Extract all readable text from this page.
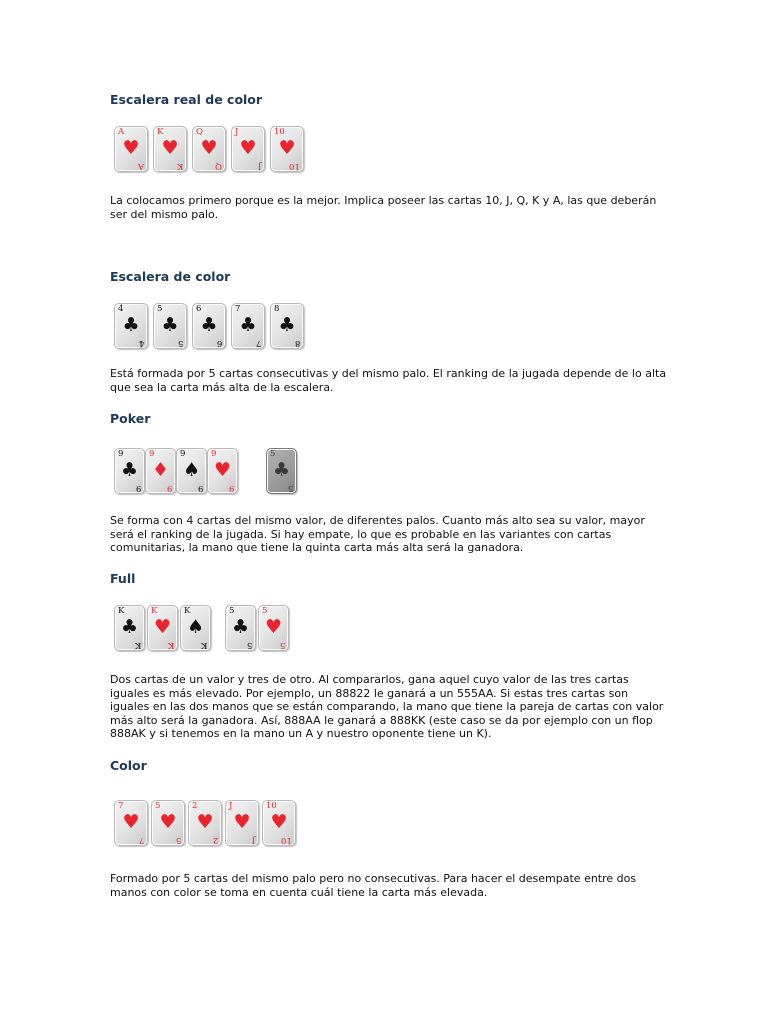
Escalera real de color
A
♥
A
K
♥
K
Q
♥
Q
J
♥
J
10
♥
10

La colocamos primero porque es la mejor. Implica poseer las cartas 10, J, Q, K y A, las que deberán ser del mismo palo.

Escalera de color
4
♣
4
5
♣
5
6
♣
6
7
♣
7
8
♣
8

Está formada por 5 cartas consecutivas y del mismo palo. El ranking de la jugada depende de lo alta que sea la carta más alta de la escalera.

Poker
9
♣
9
9
♦
9
9
♠
9
9
♥
9
5
♣
5

Se forma con 4 cartas del mismo valor, de diferentes palos. Cuanto más alto sea su valor, mayor será el ranking de la jugada. Si hay empate, lo que es probable en las variantes con cartas comunitarias, la mano que tiene la quinta carta más alta será la ganadora.

Full
K
♣
K
K
♥
K
K
♠
K
5
♣
5
5
♥
5

Dos cartas de un valor y tres de otro. Al compararlos, gana aquel cuyo valor de las tres cartas iguales es más elevado. Por ejemplo, un 88822 le ganará a un 555AA. Si estas tres cartas son iguales en las dos manos que se están comparando, la mano que tiene la pareja de cartas con valor más alto será la ganadora. Así, 888AA le ganará a 888KK (este caso se da por ejemplo con un flop 888AK y si tenemos en la mano un A y nuestro oponente tiene un K).

Color
7
♥
7
5
♥
5
2
♥
2
J
♥
J
10
♥
10

Formado por 5 cartas del mismo palo pero no consecutivas. Para hacer el desempate entre dos manos con color se toma en cuenta cuál tiene la carta más elevada.
